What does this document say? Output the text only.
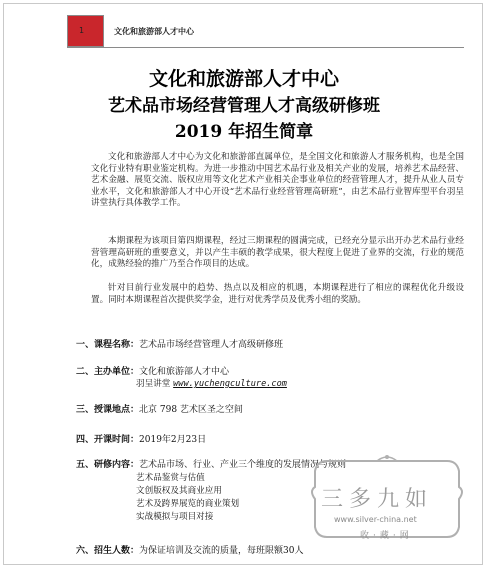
1	文化和旅游部人才中心
文化和旅游部人才中心
艺术品市场经营管理人才高级研修班
2019 年招生简章
文化和旅游部人才中心为文化和旅游部直属单位，是全国文化和旅游人才服务机构，也是全国文化行业特有职业鉴定机构。为进一步推动中国艺术品行业及相关产业的发展，培养艺术品经营、艺术金融、展览交流、版权应用等文化艺术产业相关企事业单位的经营管理人才，提升从业人员专业水平，文化和旅游部人才中心开设“艺术品行业经营管理高研班”，由艺术品行业智库型平台羽呈讲堂执行具体教学工作。
本期课程为该项目第四期课程，经过三期课程的圆满完成，已经充分显示出开办艺术品行业经营管理高研班的重要意义，并以产生丰硕的教学成果，很大程度上促进了业界的交流，行业的规范化，成熟经验的推广乃至合作项目的达成。
针对目前行业发展中的趋势、热点以及相应的机遇，本期课程进行了相应的课程优化升级设置。同时本期课程首次提供奖学金，进行对优秀学员及优秀小组的奖励。
一、课程名称：艺术品市场经营管理人才高级研修班
二、主办单位：文化和旅游部人才中心
羽呈讲堂 www.yuchengculture.com
三、授课地点：北京 798 艺术区圣之空间
四、开课时间：2019年2月23日
五、研修内容：艺术品市场、行业、产业三个维度的发展情况与规则
艺术品鉴赏与估值
文创版权及其商业应用
艺术及跨界展览的商业策划
实战模拟与项目对接
六、招生人数：为保证培训及交流的质量，每班限额30人
三多九如
www.silver-china.net
收·藏·网
